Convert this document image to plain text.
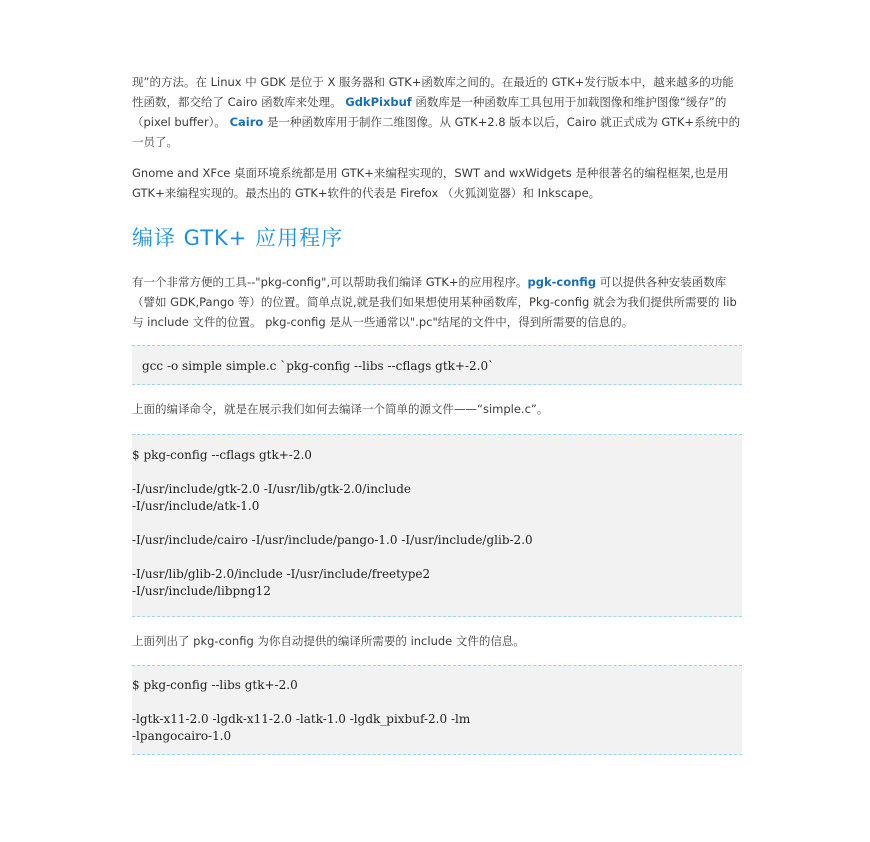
现”的方法。在 Linux 中 GDK 是位于 X 服务器和 GTK+函数库之间的。在最近的 GTK+发行版本中，越来越多的功能性函数，都交给了 Cairo 函数库来处理。 GdkPixbuf 函数库是一种函数库工具包用于加载图像和维护图像“缓存”的（pixel buffer）。 Cairo 是一种函数库用于制作二维图像。从 GTK+2.8 版本以后，Cairo 就正式成为 GTK+系统中的一员了。

Gnome and XFce 桌面环境系统都是用 GTK+来编程实现的，SWT and wxWidgets 是种很著名的编程框架,也是用 GTK+来编程实现的。最杰出的 GTK+软件的代表是 Firefox （火狐浏览器）和 Inkscape。

编译 GTK+ 应用程序

有一个非常方便的工具--"pkg-config",可以帮助我们编译 GTK+的应用程序。pgk-config 可以提供各种安装函数库（譬如 GDK,Pango 等）的位置。简单点说,就是我们如果想使用某种函数库，Pkg-config 就会为我们提供所需要的 lib 与 include 文件的位置。 pkg-config 是从一些通常以".pc"结尾的文件中，得到所需要的信息的。

gcc -o simple simple.c `pkg-config --libs --cflags gtk+-2.0`

上面的编译命令，就是在展示我们如何去编译一个简单的源文件——“simple.c”。

$ pkg-config --cflags gtk+-2.0
-I/usr/include/gtk-2.0 -I/usr/lib/gtk-2.0/include
-I/usr/include/atk-1.0
-I/usr/include/cairo -I/usr/include/pango-1.0 -I/usr/include/glib-2.0
-I/usr/lib/glib-2.0/include -I/usr/include/freetype2
-I/usr/include/libpng12

上面列出了 pkg-config 为你自动提供的编译所需要的 include 文件的信息。

$ pkg-config --libs gtk+-2.0
-lgtk-x11-2.0 -lgdk-x11-2.0 -latk-1.0 -lgdk_pixbuf-2.0 -lm
-lpangocairo-1.0
